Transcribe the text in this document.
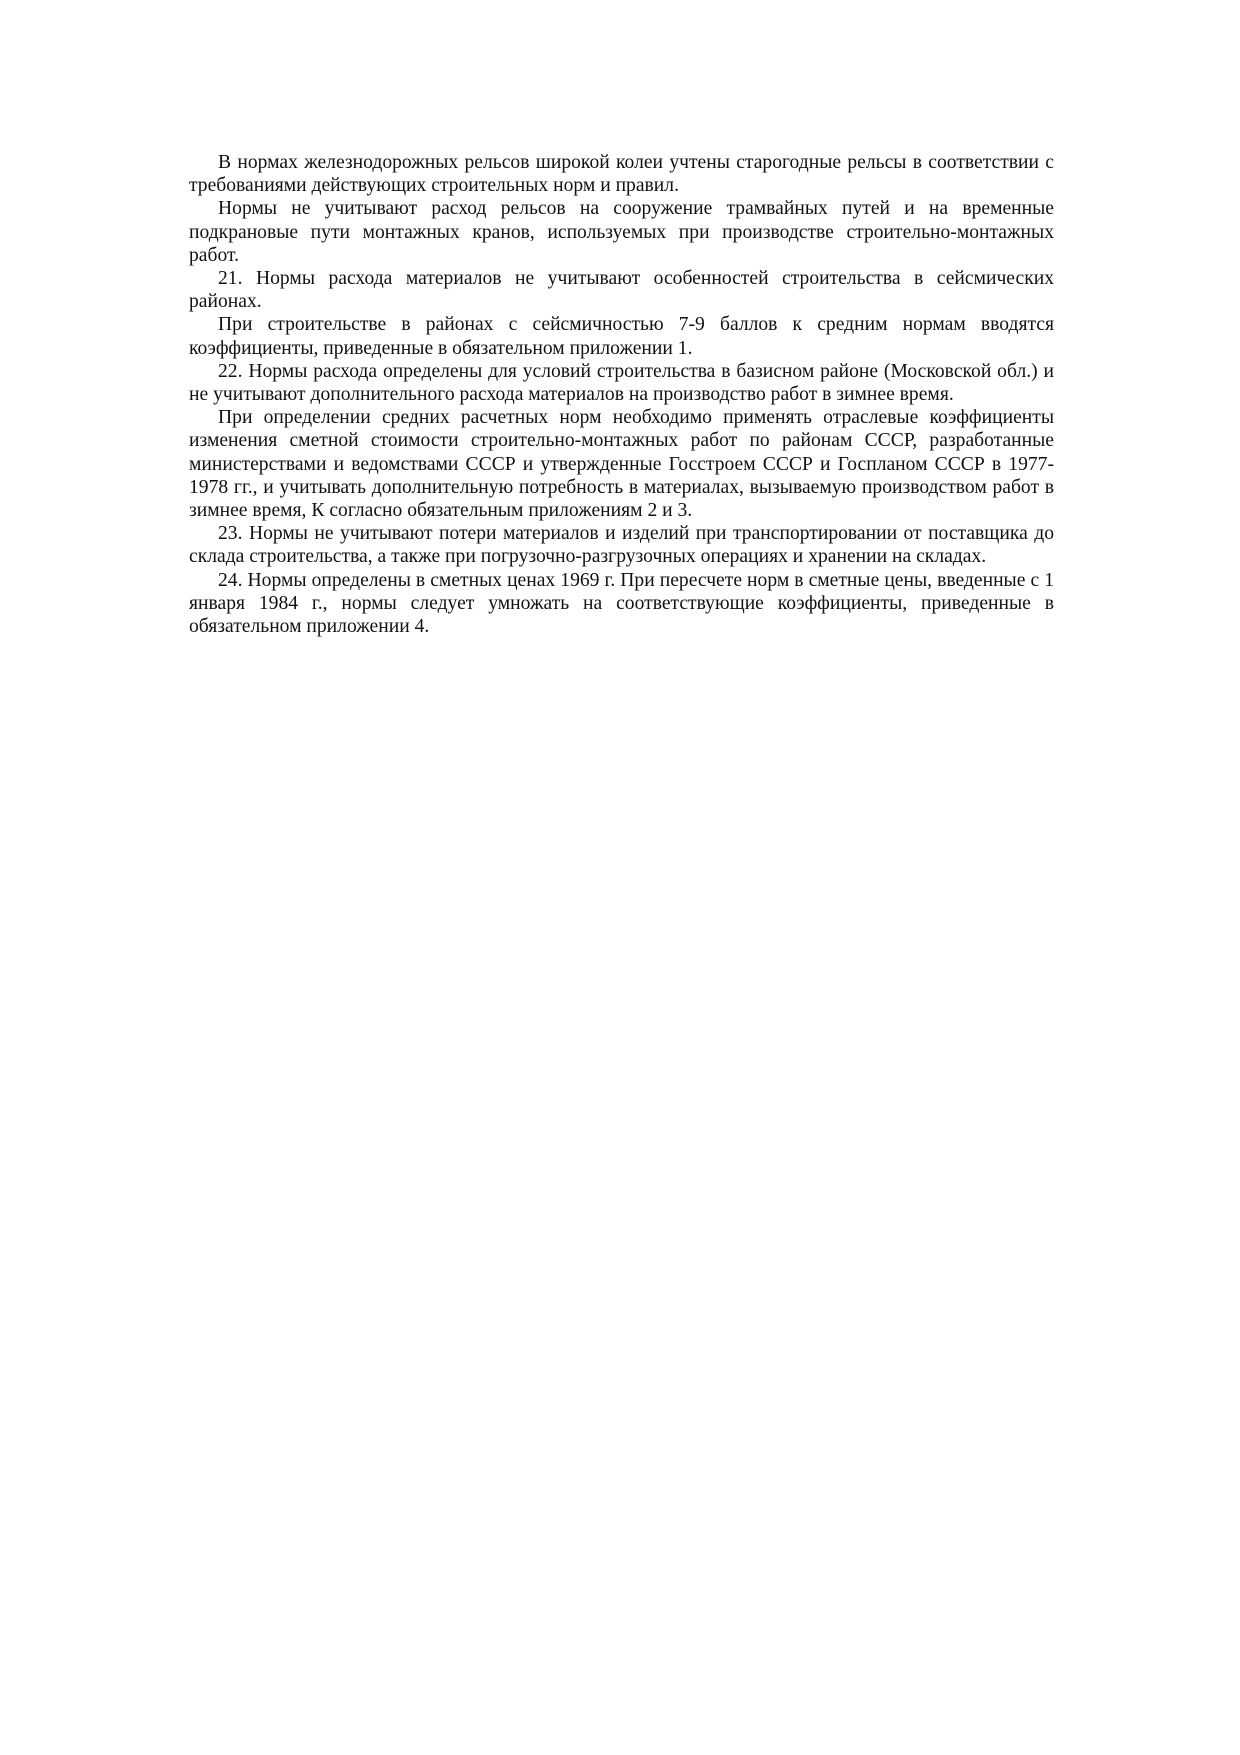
В нормах железнодорожных рельсов широкой колеи учтены старогодные рельсы в соответствии с требованиями действующих строительных норм и правил.

Нормы не учитывают расход рельсов на сооружение трамвайных путей и на временные подкрановые пути монтажных кранов, используемых при производстве строительно-монтажных работ.

21. Нормы расхода материалов не учитывают особенностей строительства в сейсмических районах.

При строительстве в районах с сейсмичностью 7-9 баллов к средним нормам вводятся коэффициенты, приведенные в обязательном приложении 1.

22. Нормы расхода определены для условий строительства в базисном районе (Московской обл.) и не учитывают дополнительного расхода материалов на производство работ в зимнее время.

При определении средних расчетных норм необходимо применять отраслевые коэффициенты изменения сметной стоимости строительно-монтажных работ по районам СССР, разработанные министерствами и ведомствами СССР и утвержденные Госстроем СССР и Госпланом СССР в 1977-1978 гг., и учитывать дополнительную потребность в материалах, вызываемую производством работ в зимнее время, К согласно обязательным приложениям 2 и 3.

23. Нормы не учитывают потери материалов и изделий при транспортировании от поставщика до склада строительства, а также при погрузочно-разгрузочных операциях и хранении на складах.

24. Нормы определены в сметных ценах 1969 г. При пересчете норм в сметные цены, введенные с 1 января 1984 г., нормы следует умножать на соответствующие коэффициенты, приведенные в обязательном приложении 4.
